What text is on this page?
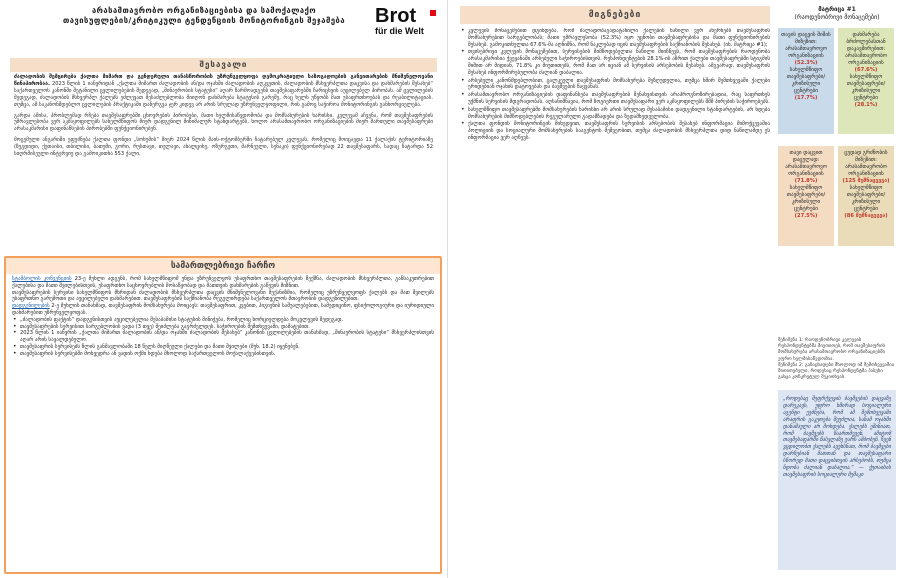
არასამთავრობო ორგანიზაციებისა და სამოქალაქო
თავისუფლების/კრიტიკული ტენდენციის მონიტორინგის შეჯამება	Brot
für die Welt
შესავალი

ძალადობის შემცირება ქალთა მიმართ და გენდერული თანასწორობის უზრუნველყოფა დემოკრატიული საზოგადოების განვითარების მნიშვნელოვანი წინაპირობაა. 2023 წლის 1 იანვრიდან „ქალთა მიმართ ძალადობის ან/და ოჯახში ძალადობის აღკვეთის, ძალადობის მსხვერპლთა დაცვისა და დახმარების შესახებ“ საქართველოს კანონში შეტანილი ცვლილებების შედეგად, „შინაურობის სტატუსი“ აღარ წარმოადგენს თავშესაფარებში ჩარიცხვის აუცილებელ პირობას. ამ ცვლილების შედეგად, ძალადობის მსხვერპლ ქალებს ეძლევათ შესაძლებლობა მიიღონ დახმარება სტატუსის გარეშე, რაც ხელს უწყობს მათ უსაფრთხოებას და რეაბილიტაციას. თუმცა, ამ საკანონმდებლო ცვლილების პრაქტიკაში დანერგვა ჯერ კიდევ არ არის სრულად უზრუნველყოფილი, რის გამოც საჭიროა მონიტორინგის განხორციელება.

გარდა ამისა, პრობლემად რჩება თავშესაფრებში ცხოვრების პირობები, მათი ხელმისაწვდომობა და მომსახურების ხარისხი. კვლევამ აჩვენა, რომ თავშესაფრების უმრავლესობა ვერ აკმაყოფილებს სახელმწიფოს მიერ დადგენილ მინიმალურ სტანდარტებს, ხოლო არასამთავრობო ორგანიზაციების მიერ მართული თავშესაფრები არასაკმარისი დაფინანსების პირობებში ფუნქციონირებენ.

მოცემული ანგარიში ეფუძნება ქალთა ფონდი „სოხუმის“ მიერ 2024 წლის მაის-ოქტომბერში ჩატარებულ კვლევას, რომელიც მოიცავდა 11 ქალაქის ტერიტორიაზე (ზუგდიდი, ქუთაისი, თბილისი, ბათუმი, გორი, რუსთავი, თელავი, ახალციხე, ოზურგეთი, მარნეული, სენაკი) ფუნქციონირებად 22 თავშესაფარს, სადაც ჩატარდა 52 სიღრმისეული ინტერვიუ და გამოიკითხა 553 ქალი.

სამართლებრივი ჩარჩო

სტამბოლის კონვენციის 23-ე მუხლი ადგენს, რომ სახელმწიფომ უნდა უზრუნველყოს უსაფრთხო თავშესაფრების შექმნა, ძალადობის მსხვერპლთა, განსაკუთრებით ქალებისა და მათი შვილებისთვის, უსაფრთხო საცხოვრებლის მოსაწყობად და მათთვის დახმარების გაწევის მიზნით.

თავშესაფრების სერვისი სახელმწიფოს მხრიდან ძალადობის მსხვერპლთა დაცვის მნიშვნელოვანი მექანიზმია, რომელიც უზრუნველყოფს ქალებს და მათ შვილებს უსაფრთხო გარემოთი და აუცილებელი დახმარებით. თავშესაფრების საქმიანობა რეგულირდება საქართველოს მთავრობის დადგენილებით.

დადგენილების 2-ე მუხლის თანახმად, თავშესაფრის მომსახურება მოიცავს: თავშესაფრით, კვებით, ჰიგიენის საშუალებებით, სამედიცინო, ფსიქოლოგიური და იურიდიული დახმარებით უზრუნველყოფას.

• „ძალადობის ფაქტის“ დადგენისთვის აუცილებელია შესაბამისი სტატუსის მინიჭება, რომელიც ხორციელდება მოკვლევის შედეგად.

• თავშესაფრების სერვისით სარგებლობის ვადა (3 თვე) შეიძლება გაგრძელდეს, საჭიროების შემთხვევაში, დამატებით.

• 2023 წლის 1 იანვრის „ქალთა მიმართ ძალადობის ან/და ოჯახში ძალადობის შესახებ“ კანონის ცვლილებების თანახმად, „შინაურობის სტატუსი“ მსხვერპლისთვის აღარ არის სავალდებულო.

• თავშესაფრის სერვისებს წლის განმავლობაში 18 წელს მიღწეული ქალები და მათი შვილები (მუხ. 18.2) იყენებენ.

• თავშესაფრის სერვისებში მოხვედრა ან ვადის ოქმი ხდება მხოლოდ საქართველოს მოქალაქეებისთვის.

მიგნებები

• კვლევის მონაცემებით დგინდება, რომ ძალადობაგადატანილი ქალების ნაწილი ვერ ახერხებს თავშესაფრის მომსახურებით სარგებლობას; მათი უმრავლესობა (52.3%) იყო უცნობი თავშესაფრებისა და მათი ფუნქციონირების შესახებ. გამოკითხულთა 67.6%-მა აღნიშნა, რომ ნაკლებად იცის თავშესაფრების საქმიანობის შესახებ. (იხ. მატრიცა #1);

• თვისებრივი კვლევის მონაცემებით, სერვისების მიმწოდებელთა ნაწილი მიიჩნევს, რომ თავშესაფრების რაოდენობა არასაკმარისია ქვეყანაში არსებული საჭიროებისთვის. რესპონდენტების 28.1%-ის აზრით ქალები თავშესაფრებში სტიგმის შიშით არ მიდიან, 71.8% კი მიუთითებს, რომ მათ არ იციან ამ სერვისის არსებობის შესახებ. ამგვარად, თავშესაფრის შესახებ ინფორმირებულობა ძალიან დაბალია.

• არსებული კანონმდებლობით, ცალკეული თავშესაფრის მომსახურება შეზღუდულია, თუმცა ხშირ შემთხვევაში ქალები ერიდებიან ოჯახის დატოვებას და ბავშვების წაყვანას.

• არასამთავრობო ორგანიზაციების დაფინანსება თავშესაფრების შენახვისთვის არაპროგნოზირებადია, რაც საფრთხეს უქმნის სერვისის მდგრადობას. აღსანიშნავია, რომ ზოგიერთი თავშესაფარი ვერ აკმაყოფილებს შშმ პირების საჭიროებებს.

• სახელმწიფო თავშესაფრებში მომსახურების ხარისხი არ არის სრულად შესაბამისი დადგენილი სტანდარტების, არ ხდება მომსახურების მიმწოდებლების რეგულარული გადამზადება და ზედამხედველობა.

• ქალთა ფონდის მონიტორინგის მიხედვით, თავშესაფრის სერვისის არსებობის შესახებ ინფორმაცია მიმოქცევაშია პოლიციის და სოციალური მომსახურების სააგენტოს მეშვეობით, თუმცა ძალადობის მსხვერპლთა დიდ ნაწილამდე ეს ინფორმაცია ვერ აღწევს.

მატრიცა #1
(რაოდენობრივი მონაცემები)
თავის დაცვის შიშის მიზეზით: არასამთავროვო ორგანიზაციის
(52.3%)
სახელმწიფო თავშესაფრები/კრიზისული ცენტრები
(17.7%)
დახმარება ბრძოლებასთან დაკავშირებით: არასამთავრობო ორგანიზაციის
(67.6%)
სახელმწიფო თავშესაფრები/კრიზისული ცენტრები
(28.1%)
თავი დაცვით დაცულად: არასამთავროვო ორგანიზაციის
(71.8%)
სახელმწიფო თავშესაფრები/კრიზისული ცენტრები
(27.5%)
ცუდად გრძნობის მიზეზით: არასამთავრობო ორგანიზაციის
(125 მუშნაცვევა)
სახელმწიფო თავშესაფრები/კრიზისული ცენტრები
(86 მუშნაცვევა)

შენიშვნა 1: რაოდენობრივი კვლევის რესპონდენტებმა მიუთითეს, რომ თავშესაფრის მომსახურება არასამთავრობო ორგანიზაციებში უფრო ხელმისაწვდომია.

შენიშვნა 2: განაცხადები მხოლოდ იმ შემთხვევაშია მითითებული, როდესაც რესპონდენტმა პასუხი გასცა კონკრეტულ შეკითხვას.

„როდესაც შეფრქვევის ბავშვების დაცვაზე დარეკავს, უფრო ხშირად სოციალური აგენტი ეუბნება, რომ ამ შემთხვევაში არაფრის გაკეთება შეუძლია, სანამ ოჯახში დანაშაული არ მოხდება. ქალებს ეშინიათ, რომ ბავშვებს წაართმევენ, ამიტომ თავშესაფარში წასვლაზე უარს ამბობენ. ჩვენ ვცდილობთ ქალებს ავუხსნათ, რომ ბავშვები დარჩებიან მათთან და თავშესაფარი სწორედ მათი დაცვისთვის არსებობს, თუმცა ნდობა ძალიან დაბალია.“ — ქუთაისის თავშესაფრის სოციალური მუშაკი
